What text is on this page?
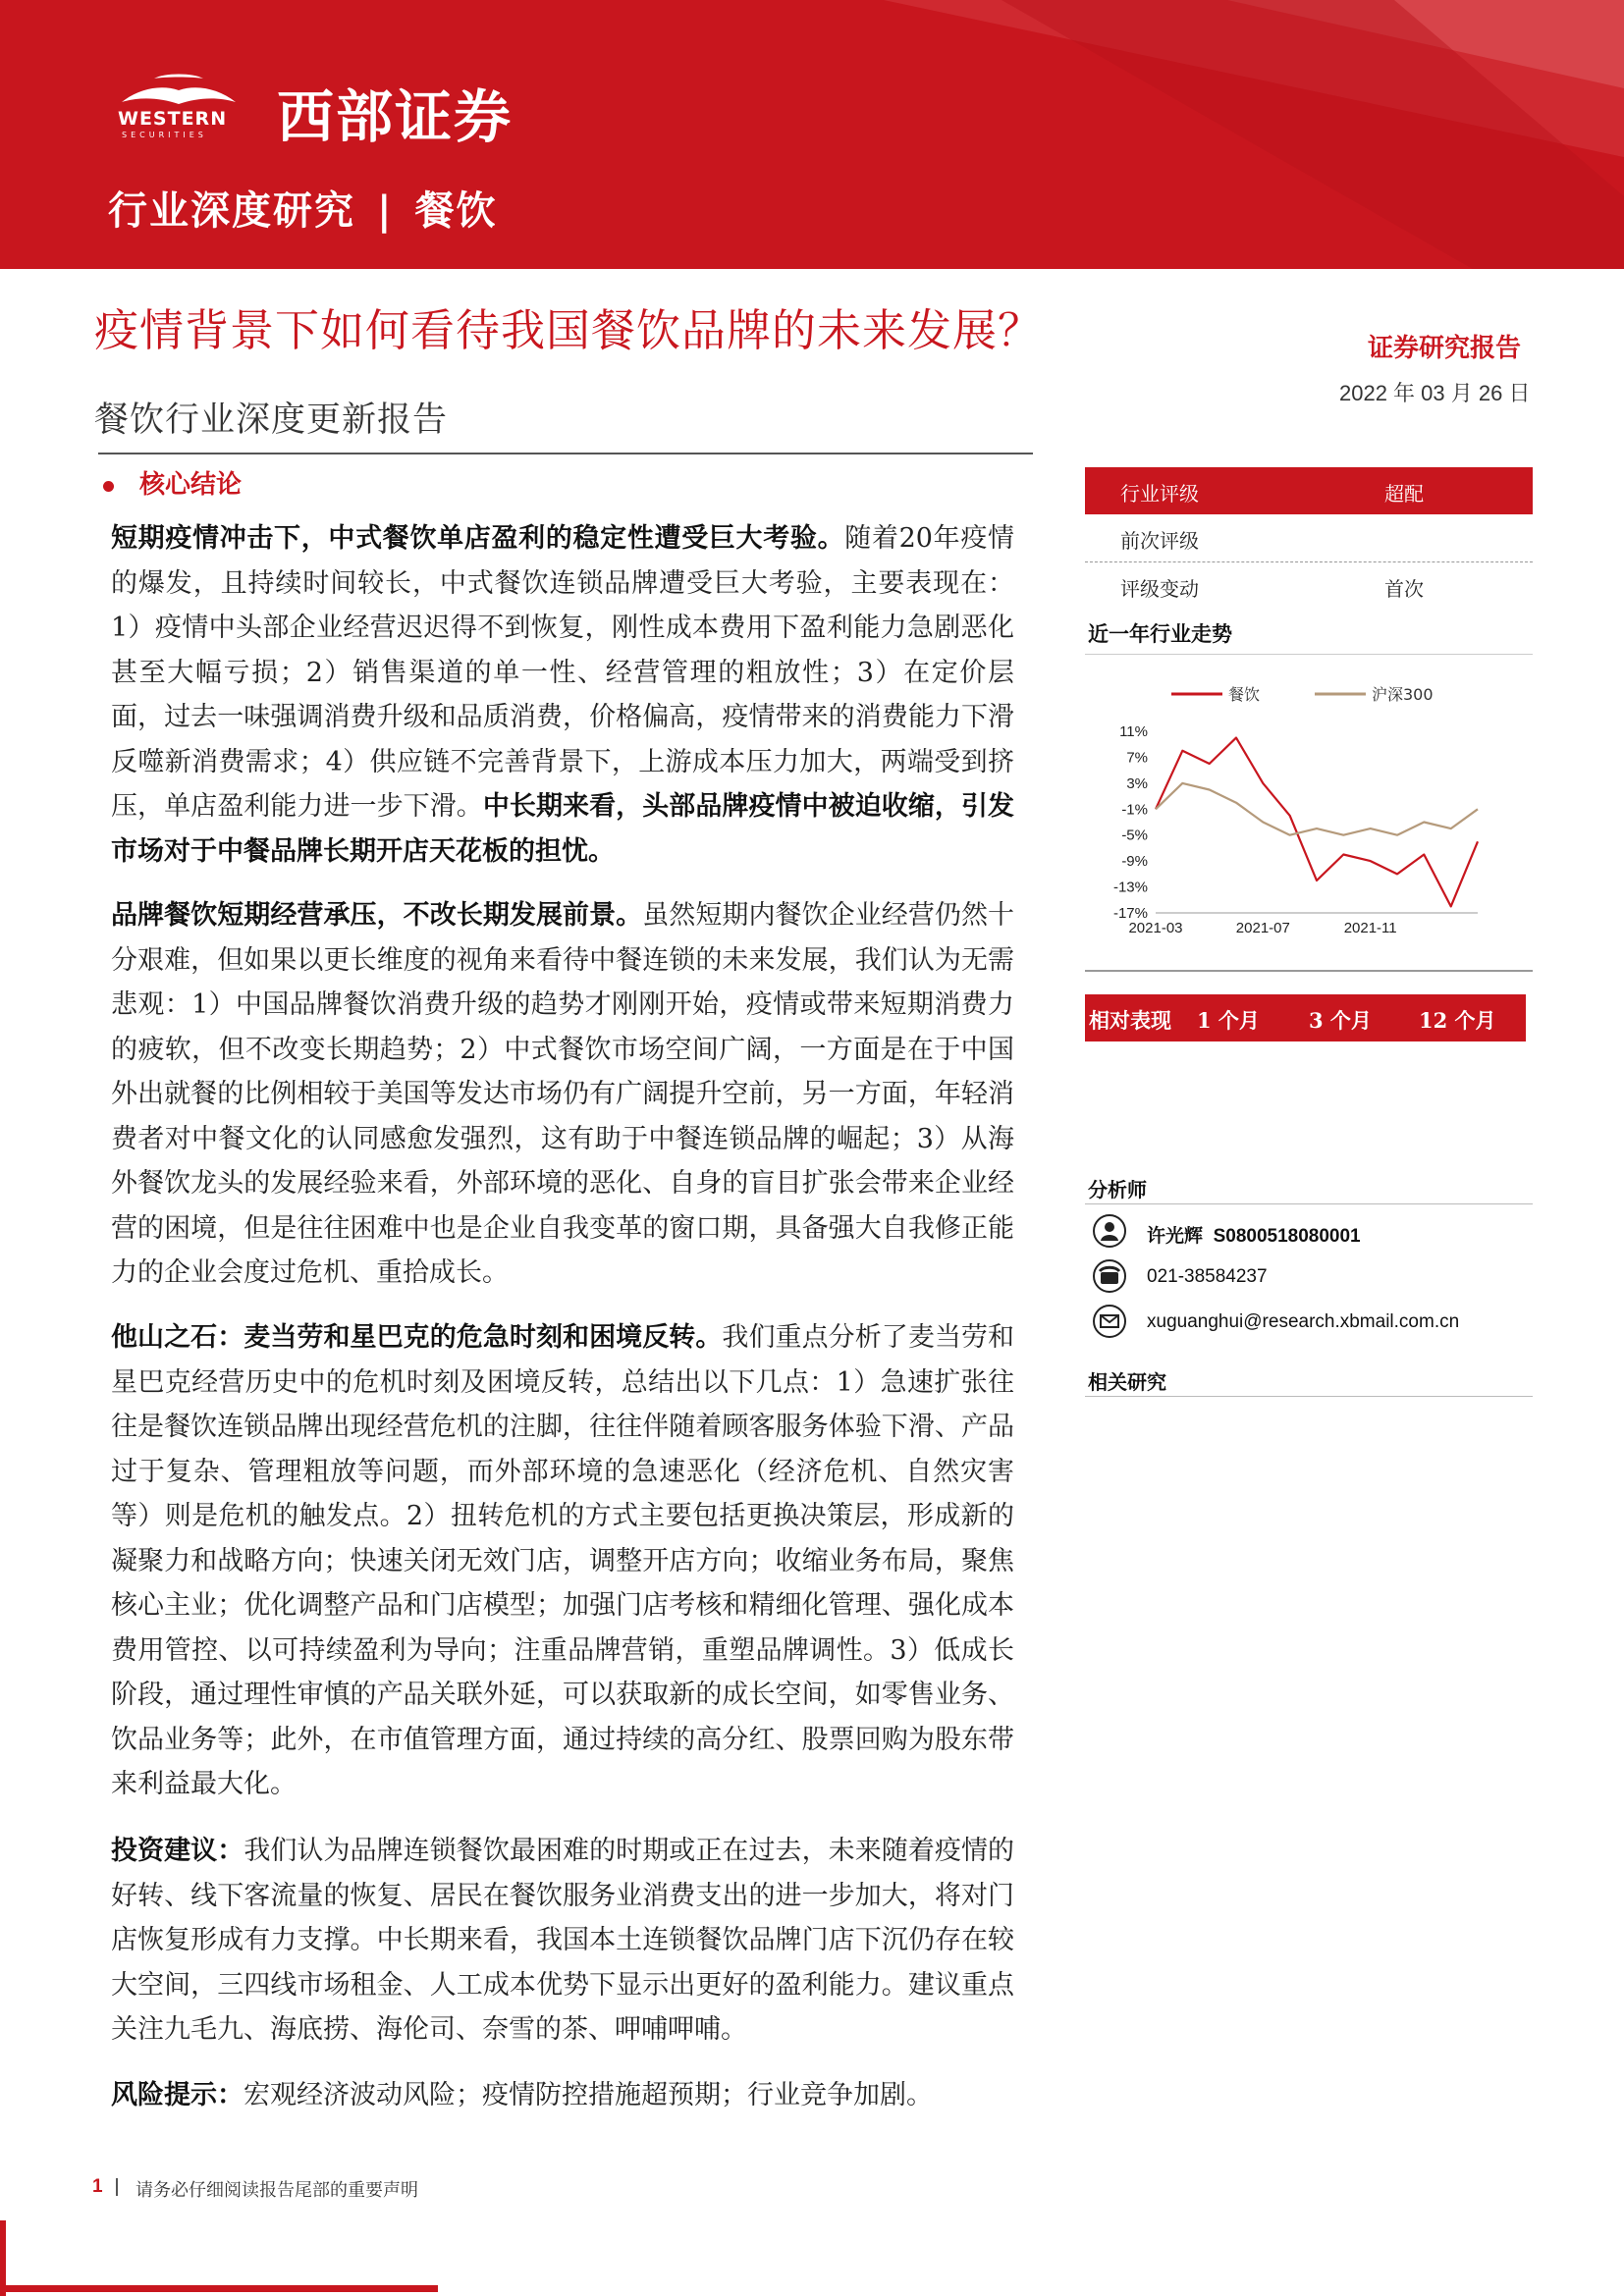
WESTERN
SECURITIES 西部证券
行业深度研究 | 餐饮
疫情背景下如何看待我国餐饮品牌的未来发展？	证券研究报告
2022 年 03 月 26 日
餐饮行业深度更新报告
核心结论
短期疫情冲击下，中式餐饮单店盈利的稳定性遭受巨大考验。随着20年疫情的爆发，且持续时间较长，中式餐饮连锁品牌遭受巨大考验，主要表现在：1）疫情中头部企业经营迟迟得不到恢复，刚性成本费用下盈利能力急剧恶化甚至大幅亏损；2）销售渠道的单一性、经营管理的粗放性；3）在定价层面，过去一味强调消费升级和品质消费，价格偏高，疫情带来的消费能力下滑反噬新消费需求；4）供应链不完善背景下，上游成本压力加大，两端受到挤压，单店盈利能力进一步下滑。中长期来看，头部品牌疫情中被迫收缩，引发市场对于中餐品牌长期开店天花板的担忧。
品牌餐饮短期经营承压，不改长期发展前景。虽然短期内餐饮企业经营仍然十分艰难，但如果以更长维度的视角来看待中餐连锁的未来发展，我们认为无需悲观：1）中国品牌餐饮消费升级的趋势才刚刚开始，疫情或带来短期消费力的疲软，但不改变长期趋势；2）中式餐饮市场空间广阔，一方面是在于中国外出就餐的比例相较于美国等发达市场仍有广阔提升空前，另一方面，年轻消费者对中餐文化的认同感愈发强烈，这有助于中餐连锁品牌的崛起；3）从海外餐饮龙头的发展经验来看，外部环境的恶化、自身的盲目扩张会带来企业经营的困境，但是往往困难中也是企业自我变革的窗口期，具备强大自我修正能力的企业会度过危机、重拾成长。
他山之石：麦当劳和星巴克的危急时刻和困境反转。我们重点分析了麦当劳和星巴克经营历史中的危机时刻及困境反转，总结出以下几点：1）急速扩张往往是餐饮连锁品牌出现经营危机的注脚，往往伴随着顾客服务体验下滑、产品过于复杂、管理粗放等问题，而外部环境的急速恶化（经济危机、自然灾害等）则是危机的触发点。2）扭转危机的方式主要包括更换决策层，形成新的凝聚力和战略方向；快速关闭无效门店，调整开店方向；收缩业务布局，聚焦核心主业；优化调整产品和门店模型；加强门店考核和精细化管理、强化成本费用管控、以可持续盈利为导向；注重品牌营销，重塑品牌调性。3）低成长阶段，通过理性审慎的产品关联外延，可以获取新的成长空间，如零售业务、饮品业务等；此外，在市值管理方面，通过持续的高分红、股票回购为股东带来利益最大化。
投资建议：我们认为品牌连锁餐饮最困难的时期或正在过去，未来随着疫情的好转、线下客流量的恢复、居民在餐饮服务业消费支出的进一步加大，将对门店恢复形成有力支撑。中长期来看，我国本土连锁餐饮品牌门店下沉仍存在较大空间，三四线市场租金、人工成本优势下显示出更好的盈利能力。建议重点关注九毛九、海底捞、海伦司、奈雪的茶、呷哺呷哺。
风险提示：宏观经济波动风险；疫情防控措施超预期；行业竞争加剧。
行业评级	超配
前次评级
评级变动	首次
近一年行业走势
餐饮	沪深300
11%
7%
3%
-1%
-5%
-9%
-13%
-17%
2021-03	2021-07	2021-11
相对表现 1 个月 3 个月 12 个月
分析师
许光辉 S0800518080001
021-38584237
xuguanghui@research.xbmail.com.cn
相关研究
1 请务必仔细阅读报告尾部的重要声明
